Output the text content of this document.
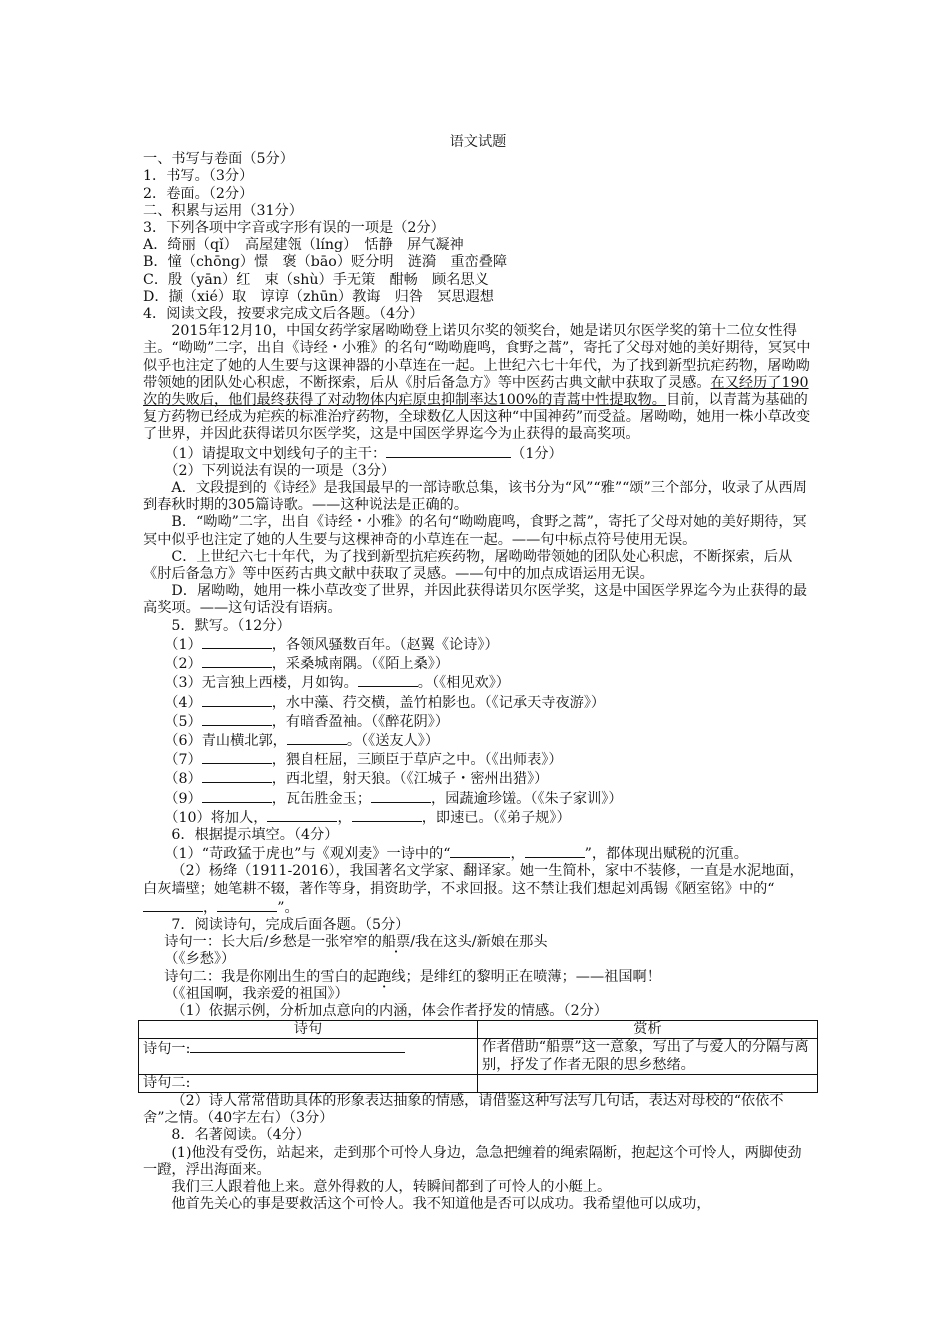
语文试题

一、书写与卷面（5分）

1．书写。（3分）

2．卷面。（2分）

二、积累与运用（31分）

3．下列各项中字音或字形有误的一项是（2分）

A．绮丽（qǐ）　高屋建瓴（líng）　恬静　屏气凝神

B．憧（chōng）憬　褒（bāo）贬分明　涟漪　重峦叠障

C．殷（yān）红　束（shù）手无策　酣畅　顾名思义

D．撷（xié）取　谆谆（zhūn）教诲　归咎　冥思遐想

4．阅读文段，按要求完成文后各题。（4分）

2015年12月10，中国女药学家屠呦呦登上诺贝尔奖的领奖台，她是诺贝尔医学奖的第十二位女性得主。“呦呦”二字，出自《诗经・小雅》的名句“呦呦鹿鸣，食野之蒿”，寄托了父母对她的美好期待，冥冥中似乎也注定了她的人生要与这课神器的小草连在一起。上世纪六七十年代，为了找到新型抗疟药物，屠呦呦带领她的团队处心积虑，不断探索，后从《肘后备急方》等中医药古典文献中获取了灵感。在又经历了190次的失败后，他们最终获得了对动物体内疟原虫抑制率达100%的青蒿中性提取物。目前，以青蒿为基础的复方药物已经成为疟疾的标准治疗药物，全球数亿人因这种“中国神药”而受益。屠呦呦，她用一株小草改变了世界，并因此获得诺贝尔医学奖，这是中国医学界迄今为止获得的最高奖项。

（1）请提取文中划线句子的主干：	（1分）

（2）下列说法有误的一项是（3分）

A．文段提到的《诗经》是我国最早的一部诗歌总集，该书分为“风”“雅”“颂”三个部分，收录了从西周到春秋时期的305篇诗歌。——这种说法是正确的。

B．“呦呦”二字，出自《诗经・小雅》的名句“呦呦鹿鸣，食野之蒿”，寄托了父母对她的美好期待，冥冥中似乎也注定了她的人生要与这棵神奇的小草连在一起。——句中标点符号使用无误。

C．上世纪六七十年代，为了找到新型抗疟疾药物，屠呦呦带领她的团队处心积虑，不断探索，后从《肘后备急方》等中医药古典文献中获取了灵感。——句中的加点成语运用无误。

D．屠呦呦，她用一株小草改变了世界，并因此获得诺贝尔医学奖，这是中国医学界迄今为止获得的最高奖项。——这句话没有语病。

5．默写。（12分）

（1）	，各领风骚数百年。（赵翼《论诗》）

（2）	，采桑城南隅。（《陌上桑》）

（3）无言独上西楼，月如钩。	。（《相见欢》）

（4）	，水中藻、荇交横，盖竹柏影也。（《记承天寺夜游》）

（5）	，有暗香盈袖。（《醉花阴》）

（6）青山横北郭，	。（《送友人》）

（7）	，猥自枉屈，三顾臣于草庐之中。（《出师表》）

（8）	，西北望，射天狼。（《江城子・密州出猎》）

（9）	，瓦缶胜金玉；	，园蔬逾珍馐。（《朱子家训》）

（10）将加人，	，	，即速已。（《弟子规》）

6．根据提示填空。（4分）

（1）“苛政猛于虎也”与《观刈麦》一诗中的“	，	”，都体现出赋税的沉重。

（2）杨绛（1911-2016），我国著名文学家、翻译家。她一生简朴，家中不装修，一直是水泥地面，白灰墙壁；她笔耕不辍，著作等身，捐资助学，不求回报。这不禁让我们想起刘禹锡《陋室铭》中的“，	”。

7．阅读诗句，完成后面各题。（5分）

诗句一：长大后/乡愁是一张窄窄的船票/我在这头/新娘在那头

（《乡愁》）

诗句二：我是你刚出生的雪白的起跑线；是绯红的黎明正在喷薄；——祖国啊！

（《祖国啊，我亲爱的祖国》）

（1）依据示例，分析加点意向的内涵，体会作者抒发的情感。（2分）

诗句	赏析
诗句一:	作者借助“船票”这一意象，写出了与爱人的分隔与离别，抒发了作者无限的思乡愁绪。
诗句二:	

（2）诗人常常借助具体的形象表达抽象的情感，请借鉴这种写法写几句话，表达对母校的“依依不舍”之情。（40字左右）（3分）

8．名著阅读。（4分）

(1)他没有受伤，站起来，走到那个可怜人身边，急急把缠着的绳索隔断，抱起这个可怜人，两脚使劲一蹬，浮出海面来。

我们三人跟着他上来。意外得救的人，转瞬间都到了可怜人的小艇上。

他首先关心的事是要救活这个可怜人。我不知道他是否可以成功。我希望他可以成功，
